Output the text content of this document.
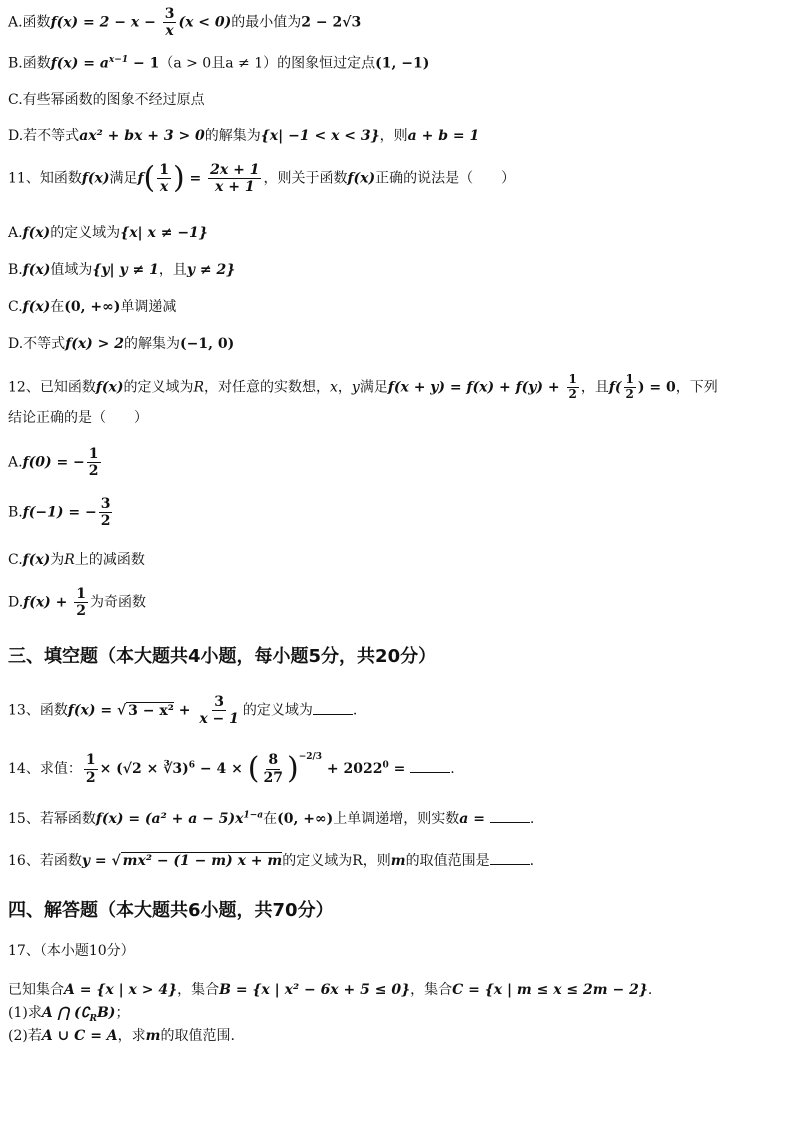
A.函数$f(x) = 2 - x - \frac{3}{x} (x < 0)$的最小值为2 − 2√3
B.函数$f(x) = a^{x-1} - 1(a > 0$且a ≠ 1）的图象恒过定点(1, −1)
C.有些幂函数的图象不经过原点
D.若不等式ax² + bx + 3 > 0的解集为{x| −1 < x < 3}，则a + b = 1
11、知函数f(x)满足$f( \frac{1}{x}$ ) = $\frac{2x + 1}{x + 1}$ ，则关于函数f(x)正确的说法是（　　）
A.f(x)的定义域为{x| x ≠ −1}
B.f(x)值域为{y| y ≠ 1，且y ≠ 2}
C.f(x)在(0, +∞)单调递减
D.不等式f(x) > 2的解集为(−1, 0)
12、已知函数f(x)的定义域为R，对任意的实数想，x，y满足$f(x + y) = f(x) + f(y) + \frac{1}{2}$ ，且$f( \frac{1}{2}$ ) = 0，下列
结论正确的是（　　）
A.f(0) = − $\frac{1}{2}$
B.f(−1) = − $\frac{3}{2}$
C.f(x)为R上的减函数
$D.f(x) + \frac{1}{2}$ 为奇函数
三、填空题（本大题共4小题，每小题5分，共20分）
13、函数f(x) = √ $3 - x^2 + \frac{3}{x - 1}$ 的定义域为	.
14、求值： $\frac{1}{2} \times (√2$ × ∛3)$^6$ − 4 × ( $\frac{8}{27} )^{-2/3} + 2022^0$ =	.
15、若幂函数$f(x) = (a^2 + a - 5)x^{1-a}$在(0, +∞)上单调递增，则实数a =	.
16、若函数y = √ mx² − (1 − m) x + m的定义域为R，则m的取值范围是	.
四、解答题（本大题共6小题，共70分）
17、（本小题10分）
已知集合A = {x | x > 4}，集合B = {x | x² − 6x + 5 ≤ 0}，集合C = {x | m ≤ x ≤ 2m − 2}.
(1)求A ⋂ $(∁_RB)$；
(2)若A ∪ C = A，求m的取值范围.
